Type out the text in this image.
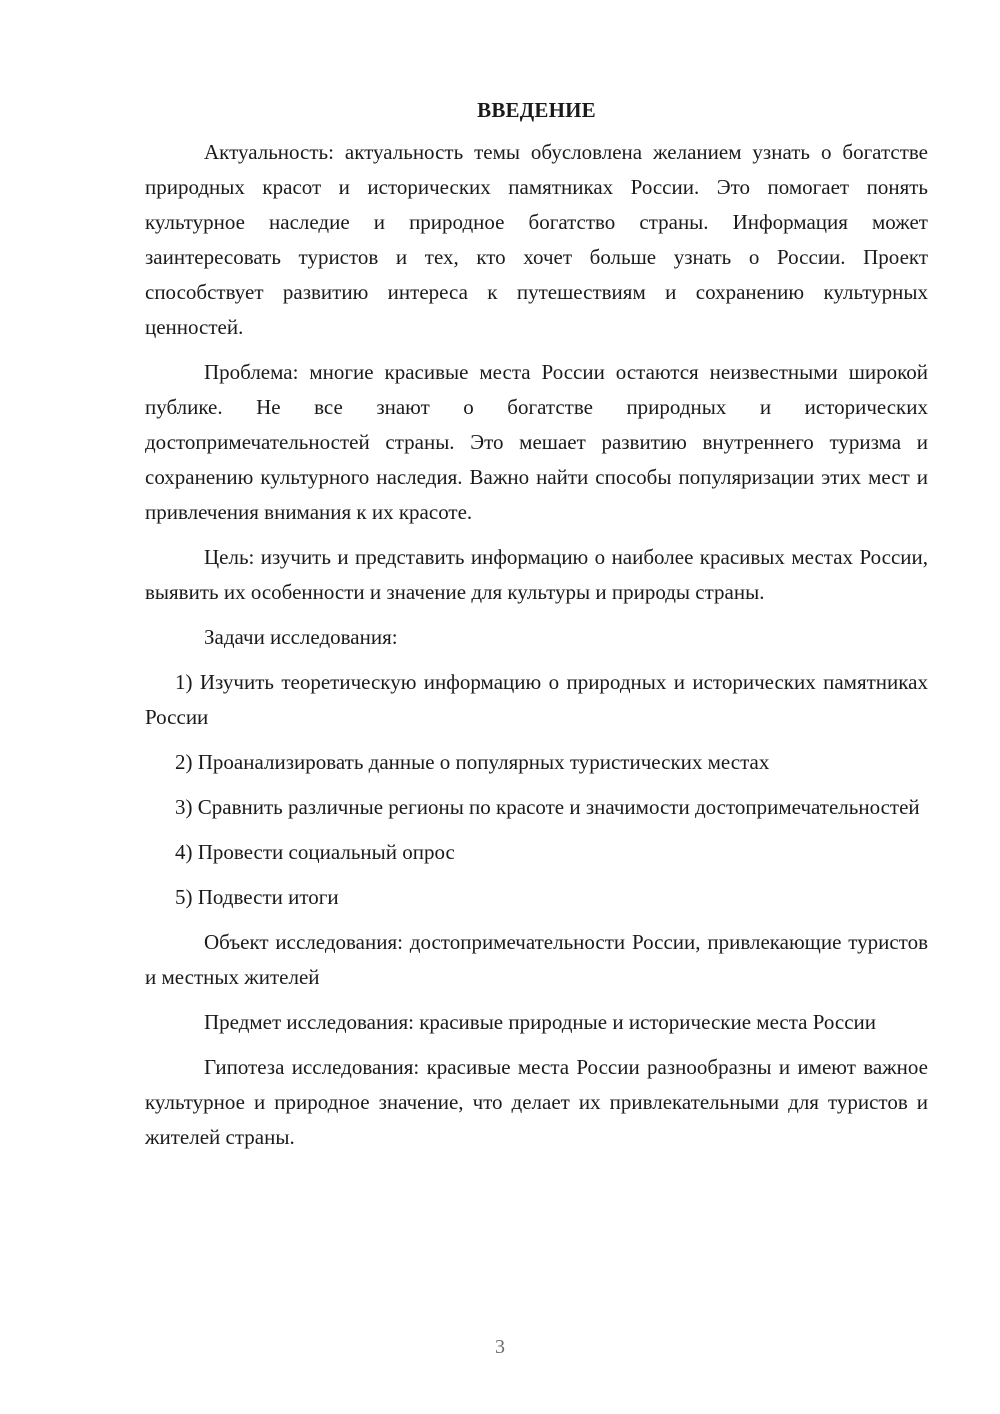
ВВЕДЕНИЕ

Актуальность: актуальность темы обусловлена желанием узнать о богатстве природных красот и исторических памятниках России. Это помогает понять культурное наследие и природное богатство страны. Информация может заинтересовать туристов и тех, кто хочет больше узнать о России. Проект способствует развитию интереса к путешествиям и сохранению культурных ценностей.

Проблема: многие красивые места России остаются неизвестными широкой публике. Не все знают о богатстве природных и исторических достопримечательностей страны. Это мешает развитию внутреннего туризма и сохранению культурного наследия. Важно найти способы популяризации этих мест и привлечения внимания к их красоте.

Цель: изучить и представить информацию о наиболее красивых местах России, выявить их особенности и значение для культуры и природы страны.

Задачи исследования:

1) Изучить теоретическую информацию о природных и исторических памятниках России

2) Проанализировать данные о популярных туристических местах

3) Сравнить различные регионы по красоте и значимости достопримечательностей

4) Провести социальный опрос

5) Подвести итоги

Объект исследования: достопримечательности России, привлекающие туристов и местных жителей

Предмет исследования: красивые природные и исторические места России

Гипотеза исследования: красивые места России разнообразны и имеют важное культурное и природное значение, что делает их привлекательными для туристов и жителей страны.

3
